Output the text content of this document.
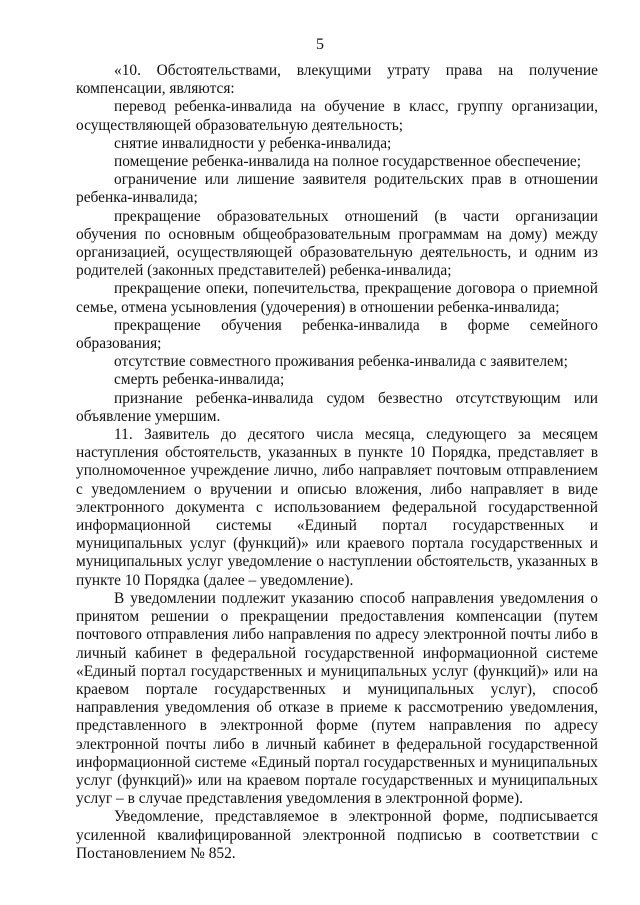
5

«10. Обстоятельствами, влекущими утрату права на получение компенсации, являются:

перевод ребенка-инвалида на обучение в класс, группу организации, осуществляющей образовательную деятельность;

снятие инвалидности у ребенка-инвалида;

помещение ребенка-инвалида на полное государственное обеспечение;

ограничение или лишение заявителя родительских прав в отношении ребенка-инвалида;

прекращение образовательных отношений (в части организации обучения по основным общеобразовательным программам на дому) между организацией, осуществляющей образовательную деятельность, и одним из родителей (законных представителей) ребенка-инвалида;

прекращение опеки, попечительства, прекращение договора о приемной семье, отмена усыновления (удочерения) в отношении ребенка-инвалида;

прекращение обучения ребенка-инвалида в форме семейного образования;

отсутствие совместного проживания ребенка-инвалида с заявителем;

смерть ребенка-инвалида;

признание ребенка-инвалида судом безвестно отсутствующим или объявление умершим.

11. Заявитель до десятого числа месяца, следующего за месяцем наступления обстоятельств, указанных в пункте 10 Порядка, представляет в уполномоченное учреждение лично, либо направляет почтовым отправлением с уведомлением о вручении и описью вложения, либо направляет в виде электронного документа с использованием федеральной государственной информационной системы «Единый портал государственных и муниципальных услуг (функций)» или краевого портала государственных и муниципальных услуг уведомление о наступлении обстоятельств, указанных в пункте 10 Порядка (далее – уведомление).

В уведомлении подлежит указанию способ направления уведомления о принятом решении о прекращении предоставления компенсации (путем почтового отправления либо направления по адресу электронной почты либо в личный кабинет в федеральной государственной информационной системе «Единый портал государственных и муниципальных услуг (функций)» или на краевом портале государственных и муниципальных услуг), способ направления уведомления об отказе в приеме к рассмотрению уведомления, представленного в электронной форме (путем направления по адресу электронной почты либо в личный кабинет в федеральной государственной информационной системе «Единый портал государственных и муниципальных услуг (функций)» или на краевом портале государственных и муниципальных услуг – в случае представления уведомления в электронной форме).

Уведомление, представляемое в электронной форме, подписывается усиленной квалифицированной электронной подписью в соответствии с Постановлением № 852.
